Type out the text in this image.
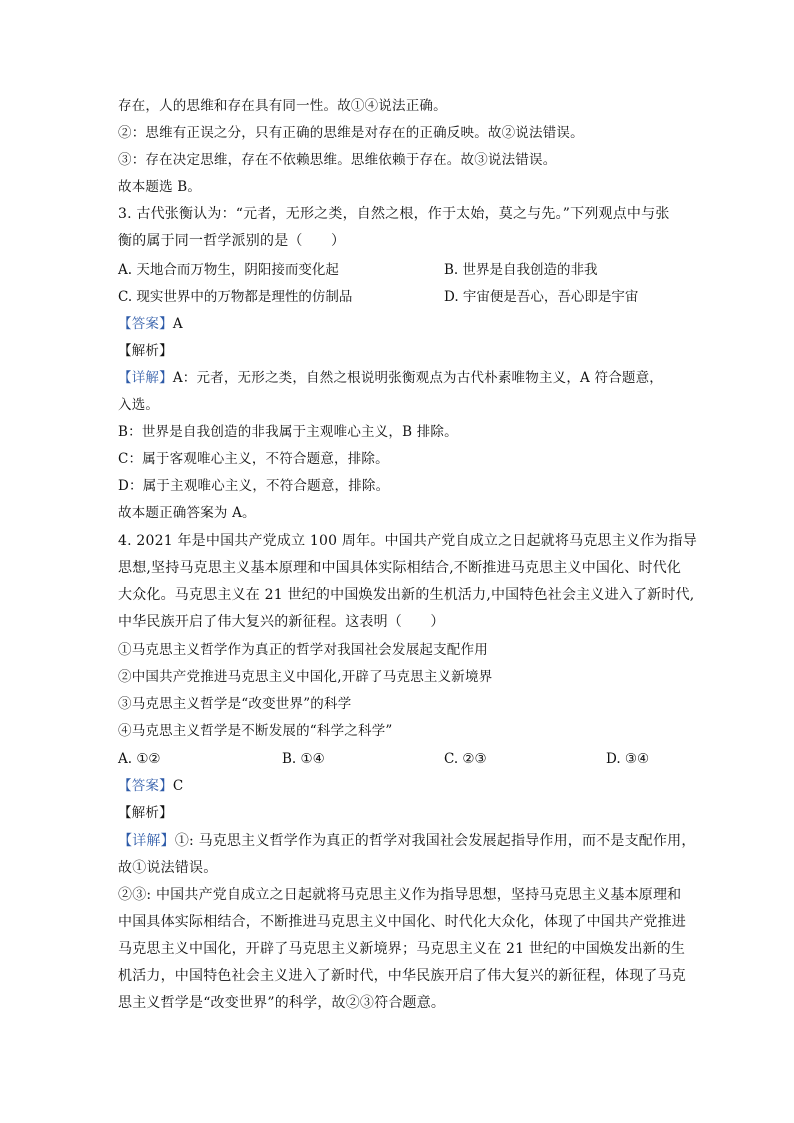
存在，人的思维和存在具有同一性。故①④说法正确。
②：思维有正误之分，只有正确的思维是对存在的正确反映。故②说法错误。
③：存在决定思维，存在不依赖思维。思维依赖于存在。故③说法错误。
故本题选 B。
3. 古代张衡认为：“元者，无形之类，自然之根，作于太始，莫之与先。”下列观点中与张
衡的属于同一哲学派别的是（　　）
A. 天地合而万物生，阴阳接而变化起	B. 世界是自我创造的非我
C. 现实世界中的万物都是理性的仿制品	D. 宇宙便是吾心，吾心即是宇宙
【答案】A
【解析】
【详解】A：元者，无形之类，自然之根说明张衡观点为古代朴素唯物主义，A 符合题意，
入选。
B：世界是自我创造的非我属于主观唯心主义，B 排除。
C：属于客观唯心主义，不符合题意，排除。
D：属于主观唯心主义，不符合题意，排除。
故本题正确答案为 A。
4. 2021 年是中国共产党成立 100 周年。中国共产党自成立之日起就将马克思主义作为指导
思想,坚持马克思主义基本原理和中国具体实际相结合,不断推进马克思主义中国化、时代化
大众化。马克思主义在 21 世纪的中国焕发出新的生机活力,中国特色社会主义进入了新时代,
中华民族开启了伟大复兴的新征程。这表明（　　）
①马克思主义哲学作为真正的哲学对我国社会发展起支配作用
②中国共产党推进马克思主义中国化,开辟了马克思主义新境界
③马克思主义哲学是“改变世界”的科学
④马克思主义哲学是不断发展的“科学之科学”
A. ①②	B. ①④	C. ②③	D. ③④
【答案】C
【解析】
【详解】①: 马克思主义哲学作为真正的哲学对我国社会发展起指导作用，而不是支配作用，
故①说法错误。
②③: 中国共产党自成立之日起就将马克思主义作为指导思想，坚持马克思主义基本原理和
中国具体实际相结合，不断推进马克思主义中国化、时代化大众化，体现了中国共产党推进
马克思主义中国化，开辟了马克思主义新境界；马克思主义在 21 世纪的中国焕发出新的生
机活力，中国特色社会主义进入了新时代，中华民族开启了伟大复兴的新征程，体现了马克
思主义哲学是“改变世界”的科学，故②③符合题意。
